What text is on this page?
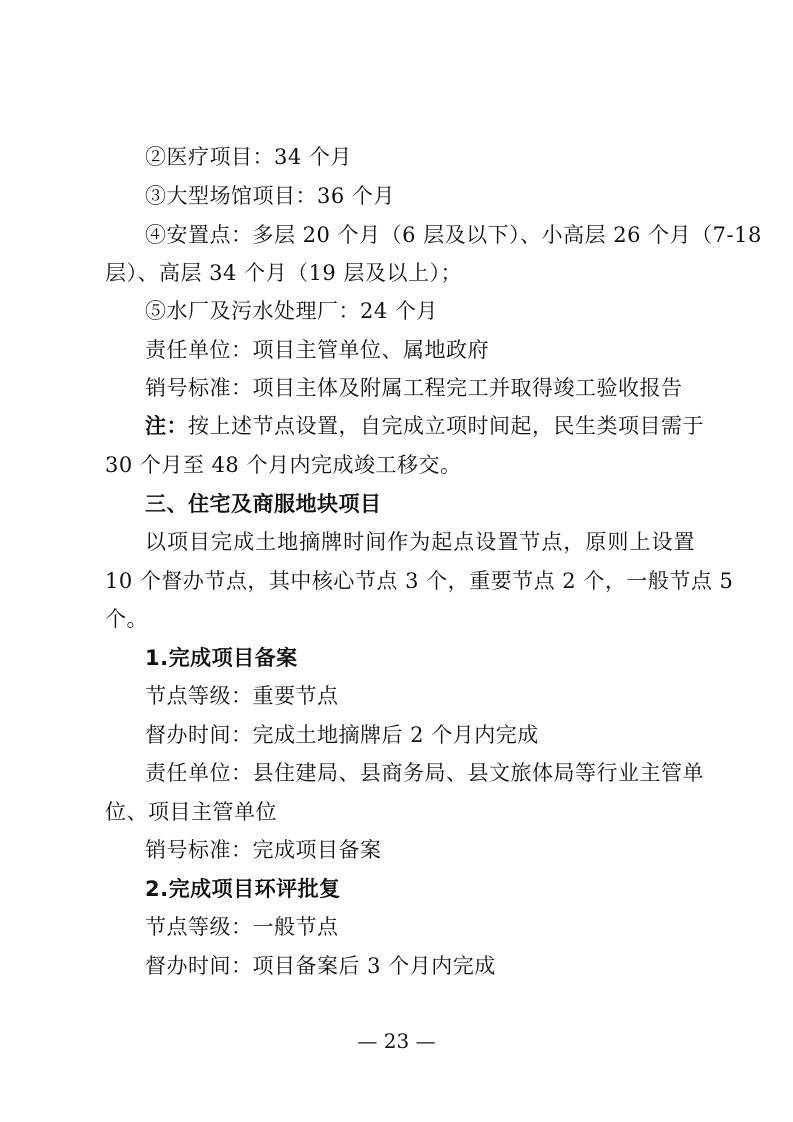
②医疗项目：34 个月
③大型场馆项目：36 个月
④安置点：多层 20 个月（6 层及以下）、小高层 26 个月（7-18
层）、高层 34 个月（19 层及以上）；
⑤水厂及污水处理厂：24 个月
责任单位：项目主管单位、属地政府
销号标准：项目主体及附属工程完工并取得竣工验收报告
注：按上述节点设置，自完成立项时间起，民生类项目需于
30 个月至 48 个月内完成竣工移交。
三、住宅及商服地块项目
以项目完成土地摘牌时间作为起点设置节点，原则上设置
10 个督办节点，其中核心节点 3 个，重要节点 2 个，一般节点 5
个。
1.完成项目备案
节点等级：重要节点
督办时间：完成土地摘牌后 2 个月内完成
责任单位：县住建局、县商务局、县文旅体局等行业主管单
位、项目主管单位
销号标准：完成项目备案
2.完成项目环评批复
节点等级：一般节点
督办时间：项目备案后 3 个月内完成
— 23 —
